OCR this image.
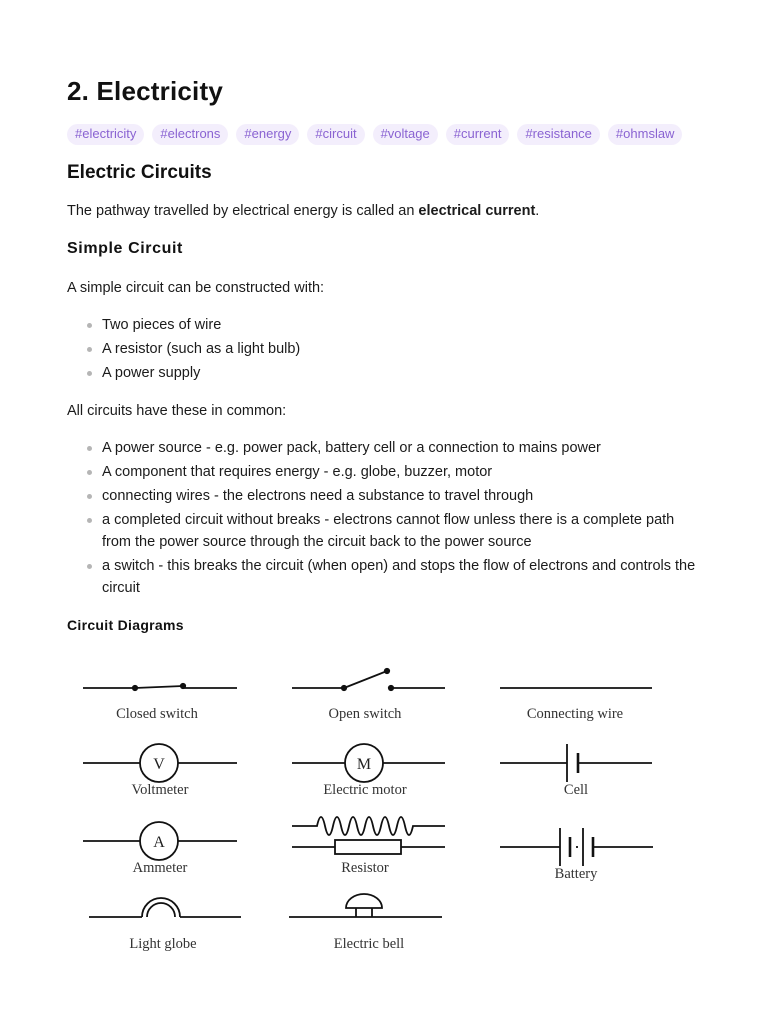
2. Electricity
#electricity	#electrons	#energy	#circuit	#voltage	#current	#resistance	#ohmslaw
Electric Circuits

The pathway travelled by electrical energy is called an electrical current.

Simple Circuit

A simple circuit can be constructed with:

Two pieces of wire
A resistor (such as a light bulb)
A power supply

All circuits have these in common:

A power source - e.g. power pack, battery cell or a connection to mains power
A component that requires energy - e.g. globe, buzzer, motor
connecting wires - the electrons need a substance to travel through
a completed circuit without breaks - electrons cannot flow unless there is a complete path from the power source through the circuit back to the power source
a switch - this breaks the circuit (when open) and stops the flow of electrons and controls the circuit
Circuit Diagrams
V	M
A
Closed switch	Open switch	Connecting wire
Voltmeter	Electric motor	Cell
Ammeter	Resistor	Battery
Light globe	Electric bell
